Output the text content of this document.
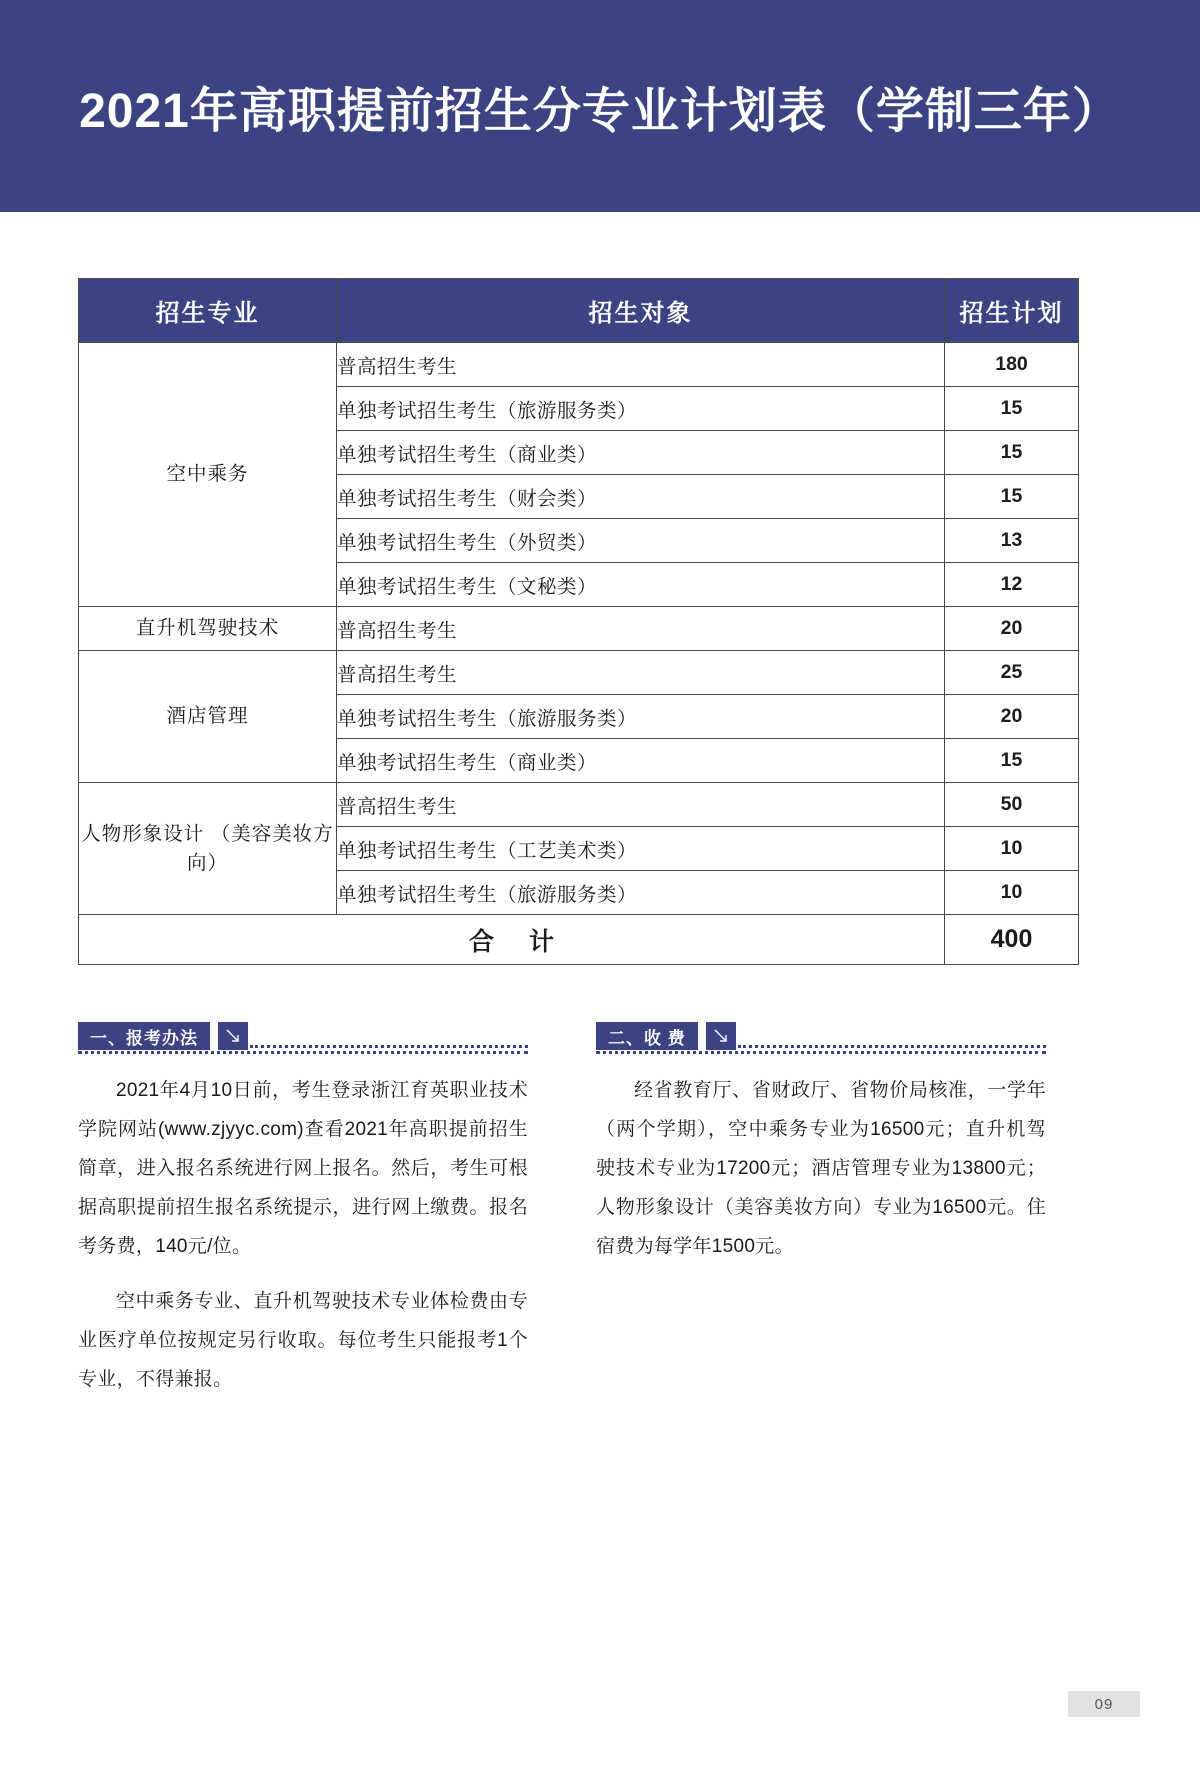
2021年高职提前招生分专业计划表（学制三年）
招生专业	招生对象	招生计划
空中乘务	普高招生考生	180
	单独考试招生考生（旅游服务类）	15
	单独考试招生考生（商业类）	15
	单独考试招生考生（财会类）	15
	单独考试招生考生（外贸类）	13
	单独考试招生考生（文秘类）	12
直升机驾驶技术	普高招生考生	20
酒店管理	普高招生考生	25
	单独考试招生考生（旅游服务类）	20
	单独考试招生考生（商业类）	15
人物形象设计 （美容美妆方向）	普高招生考生	50
	单独考试招生考生（工艺美术类）	10
	单独考试招生考生（旅游服务类）	10
合 计		400
一、报考办法

2021年4月10日前，考生登录浙江育英职业技术学院网站(www.zjyyc.com)查看2021年高职提前招生简章，进入报名系统进行网上报名。然后，考生可根据高职提前招生报名系统提示，进行网上缴费。报名考务费，140元/位。

空中乘务专业、直升机驾驶技术专业体检费由专业医疗单位按规定另行收取。每位考生只能报考1个专业，不得兼报。

二、收 费

经省教育厅、省财政厅、省物价局核准，一学年（两个学期），空中乘务专业为16500元；直升机驾驶技术专业为17200元；酒店管理专业为13800元；人物形象设计（美容美妆方向）专业为16500元。住宿费为每学年1500元。

09
